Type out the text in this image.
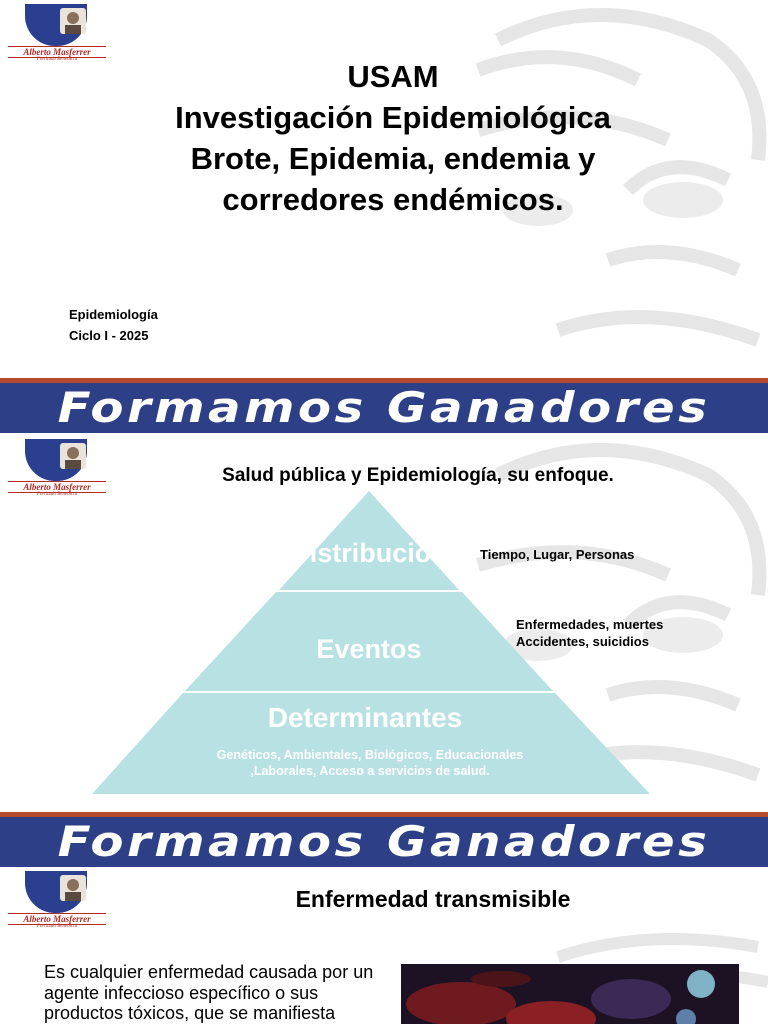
Alberto Masferrer
Fortitudo Benedicta	USAM
Investigación Epidemiológica
Brote, Epidemia, endemia y
corredores endémicos.
Epidemiología
Ciclo I - 2025
Formamos Ganadores
Alberto Masferrer
Fortitudo Benedicta
Salud pública y Epidemiología, su enfoque.
Distribución
Eventos
Determinantes
Genéticos, Ambientales, Biológicos, Educacionales ,Laborales, Acceso a servicios de salud.
Tiempo, Lugar, Personas
Enfermedades, muertes
Accidentes, suicidios
Formamos Ganadores
Alberto Masferrer
Fortitudo Benedicta
Enfermedad transmisible
Es cualquier enfermedad causada por un agente infeccioso específico o sus productos tóxicos, que se manifiesta
